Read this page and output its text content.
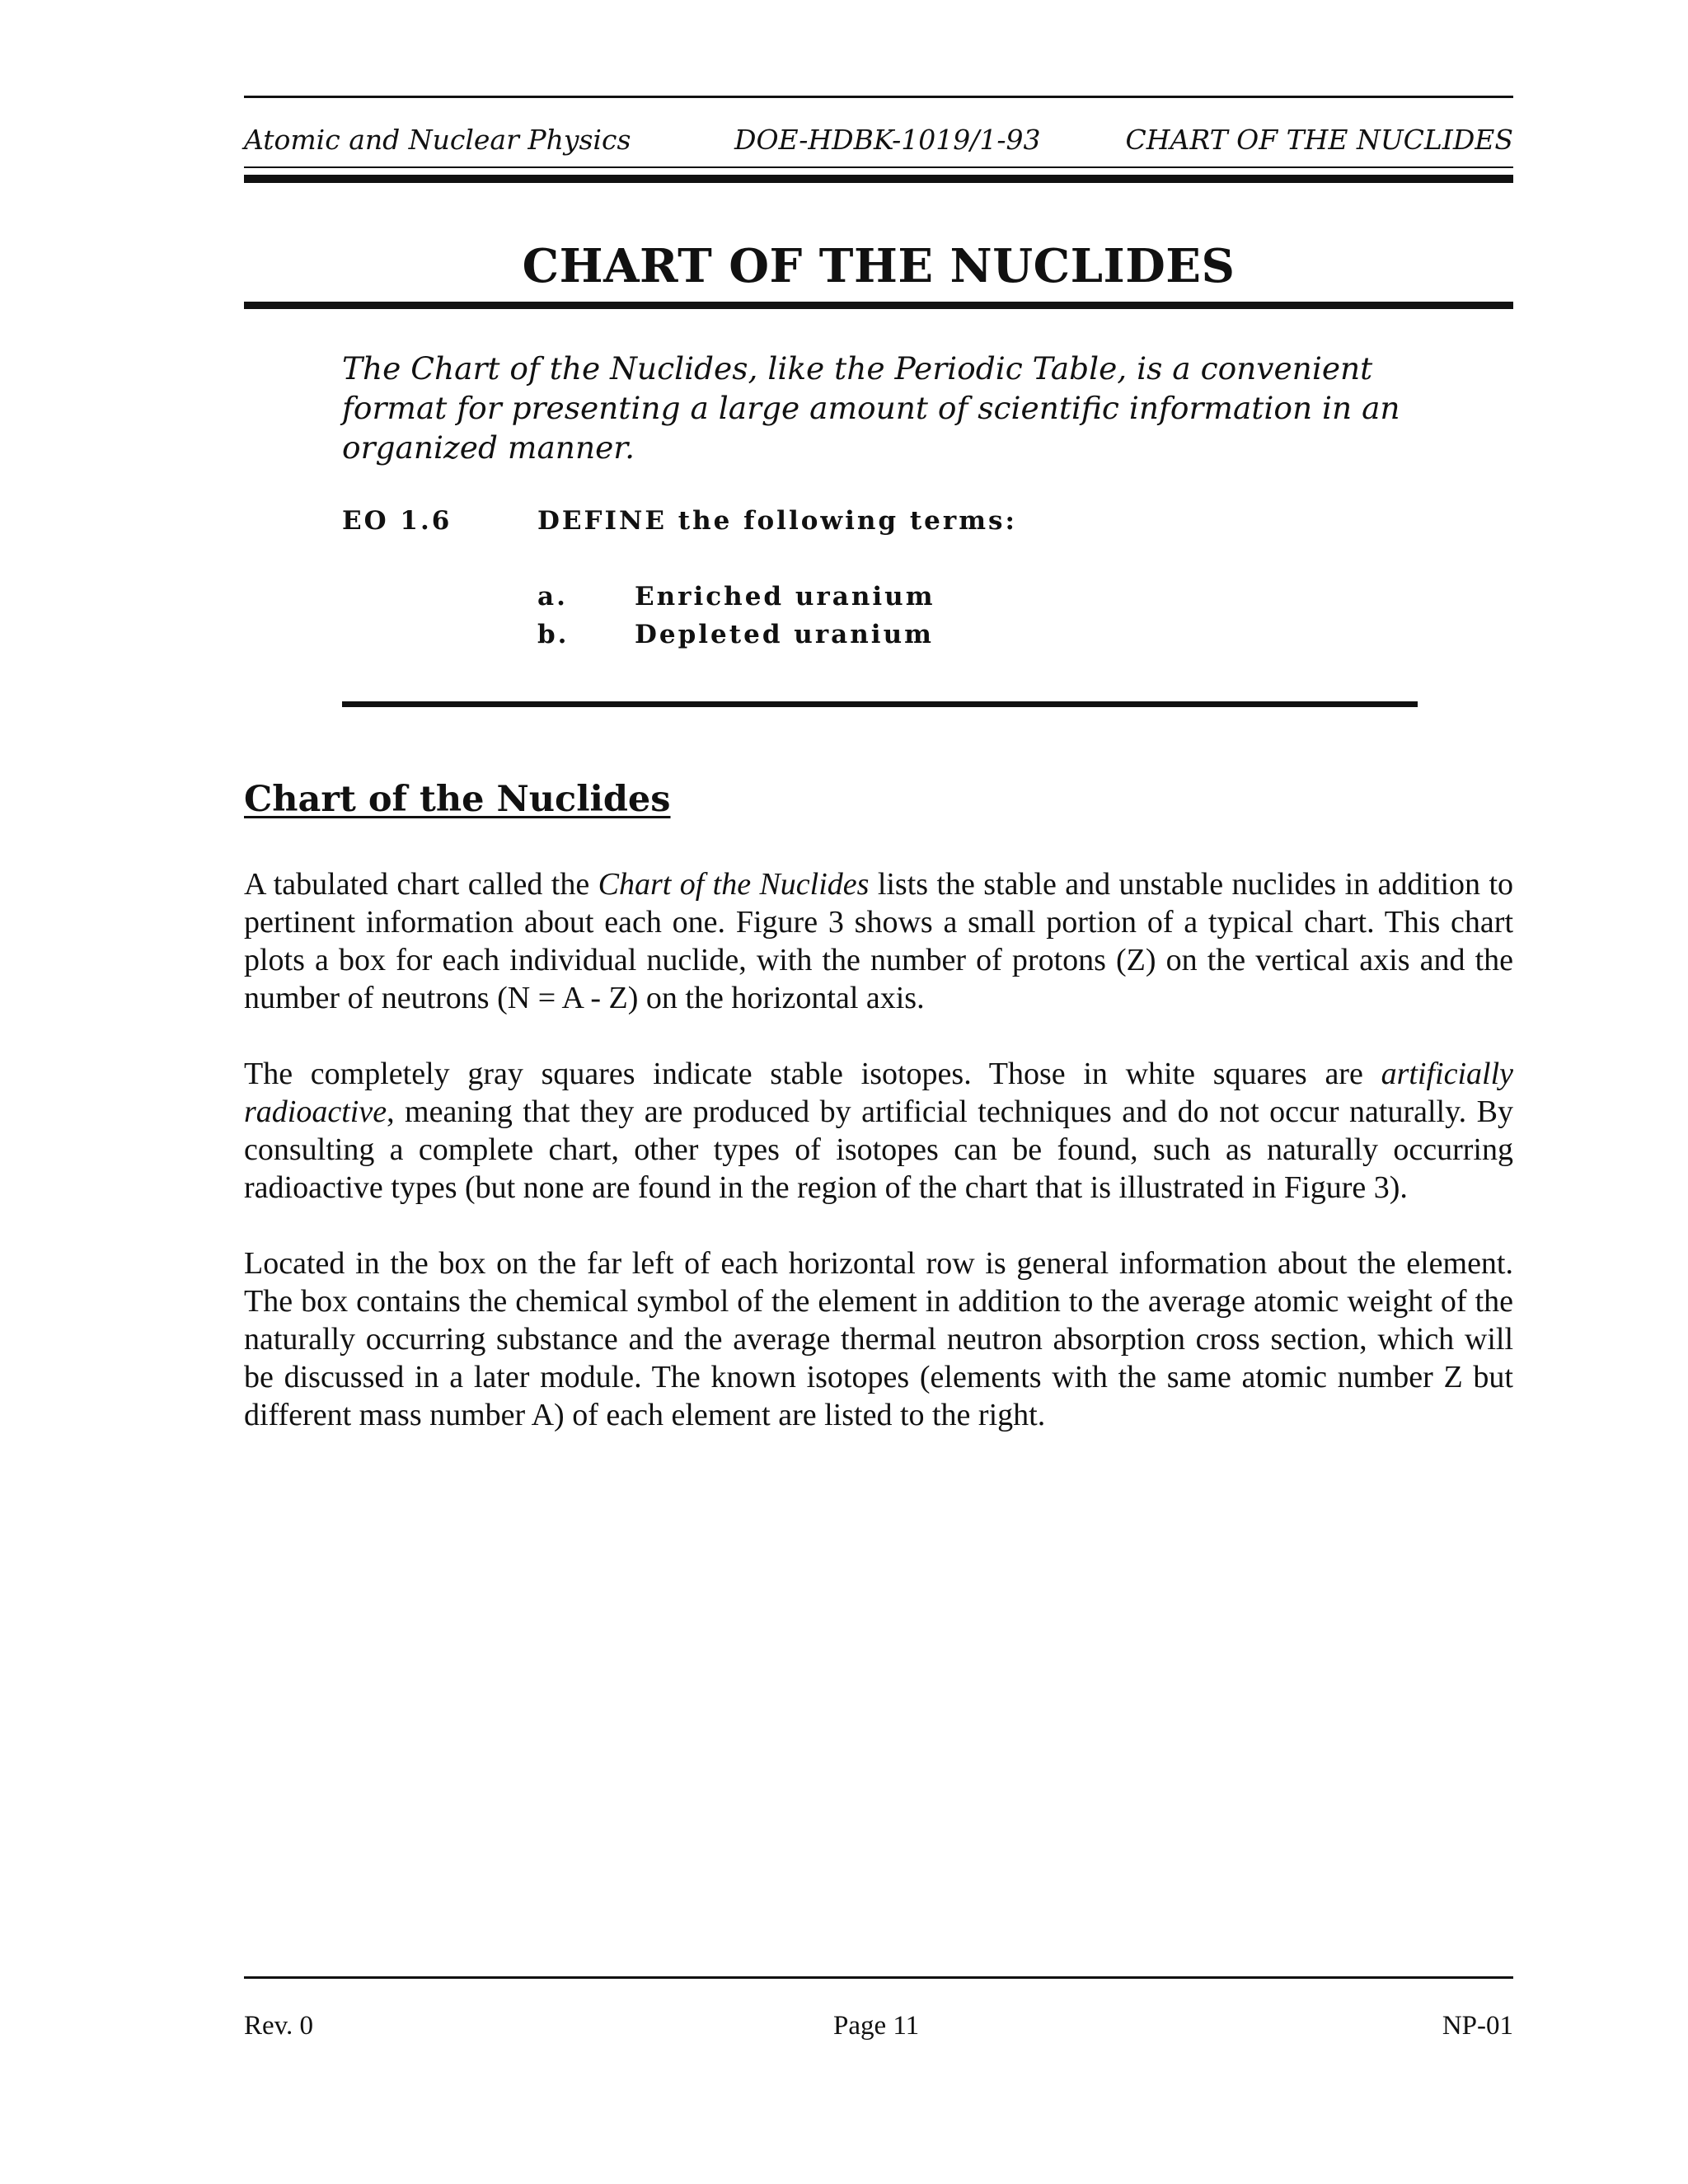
Atomic and Nuclear Physics	DOE-HDBK-1019/1-93	CHART OF THE NUCLIDES
CHART OF THE NUCLIDES

The Chart of the Nuclides, like the Periodic Table, is a convenient format for presenting a large amount of scientific information in an organized manner.

EO 1.6	DEFINE the following terms:
a.	Enriched uranium
b.	Depleted uranium
Chart of the Nuclides

A tabulated chart called the Chart of the Nuclides lists the stable and unstable nuclides in addition to pertinent information about each one. Figure 3 shows a small portion of a typical chart. This chart plots a box for each individual nuclide, with the number of protons (Z) on the vertical axis and the number of neutrons (N = A - Z) on the horizontal axis.

The completely gray squares indicate stable isotopes. Those in white squares are artificially radioactive, meaning that they are produced by artificial techniques and do not occur naturally. By consulting a complete chart, other types of isotopes can be found, such as naturally occurring radioactive types (but none are found in the region of the chart that is illustrated in Figure 3).

Located in the box on the far left of each horizontal row is general information about the element. The box contains the chemical symbol of the element in addition to the average atomic weight of the naturally occurring substance and the average thermal neutron absorption cross section, which will be discussed in a later module. The known isotopes (elements with the same atomic number Z but different mass number A) of each element are listed to the right.

Rev. 0	Page 11	NP-01
